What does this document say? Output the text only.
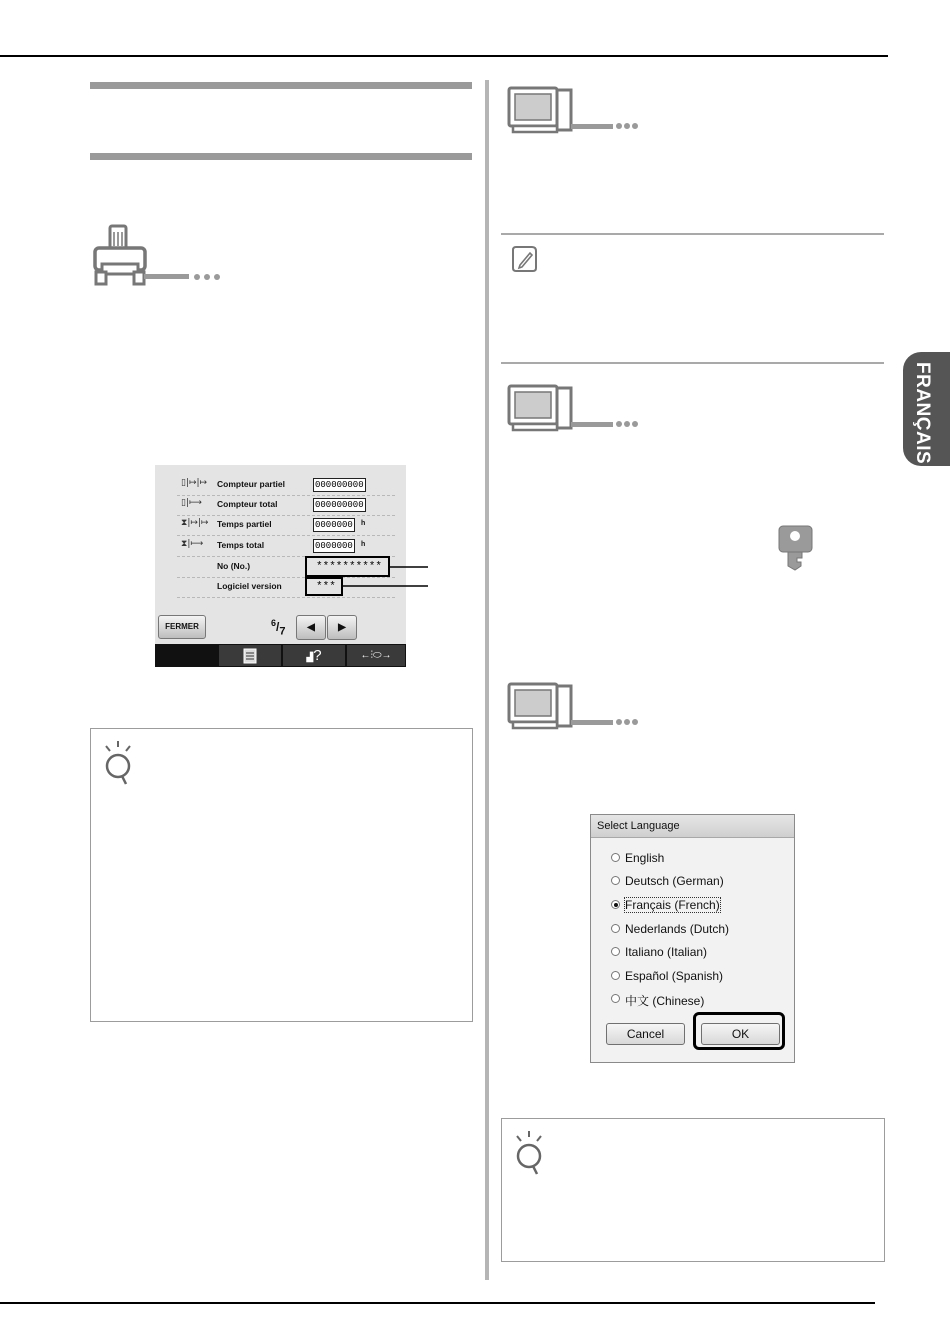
FRANÇAIS
▯|↦|↦ Compteur partiel	000000000
▯|⟼ Compteur total	000000000
⧗|↦|↦ Temps partiel	0000000 h
⧗|⟼ Temps total	0000000 h
No (No.)	**********
Logiciel version	***
FERMER	$^6/_7$	◀	▶
▟?	←⫶⬭→
Select Language
English
Deutsch (German)
Français (French)
Nederlands (Dutch)
Italiano (Italian)
Español (Spanish)
中文 (Chinese)
Cancel	OK
